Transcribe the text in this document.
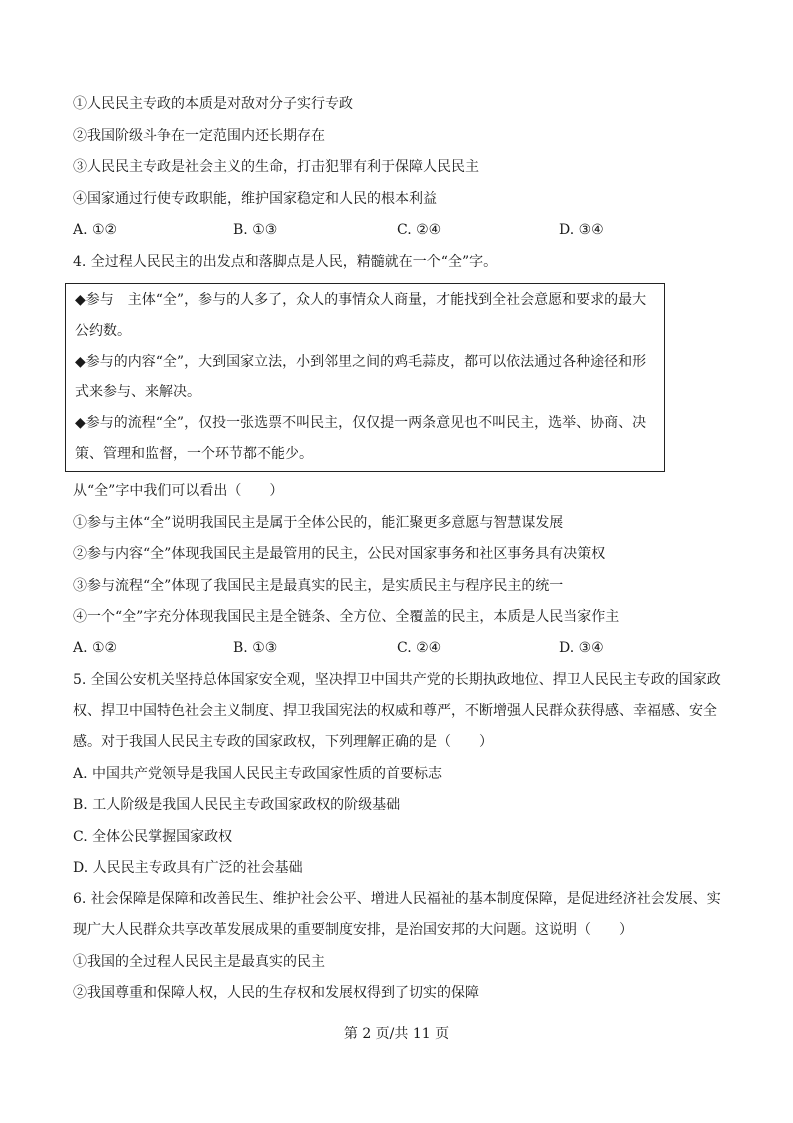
①人民民主专政的本质是对敌对分子实行专政
②我国阶级斗争在一定范围内还长期存在
③人民民主专政是社会主义的生命，打击犯罪有利于保障人民民主
④国家通过行使专政职能，维护国家稳定和人民的根本利益
A. ①②	B. ①③	C. ②④	D. ③④
4. 全过程人民民主的出发点和落脚点是人民，精髓就在一个“全”字。
◆参与　主体“全”，参与的人多了，众人的事情众人商量，才能找到全社会意愿和要求的最大
公约数。
◆参与的内容“全”，大到国家立法，小到邻里之间的鸡毛蒜皮，都可以依法通过各种途径和形
式来参与、来解决。
◆参与的流程“全”，仅投一张选票不叫民主，仅仅提一两条意见也不叫民主，选举、协商、决
策、管理和监督，一个环节都不能少。
从“全”字中我们可以看出（　　）
①参与主体“全”说明我国民主是属于全体公民的，能汇聚更多意愿与智慧谋发展
②参与内容“全”体现我国民主是最管用的民主，公民对国家事务和社区事务具有决策权
③参与流程“全”体现了我国民主是最真实的民主，是实质民主与程序民主的统一
④一个“全”字充分体现我国民主是全链条、全方位、全覆盖的民主，本质是人民当家作主
A. ①②	B. ①③	C. ②④	D. ③④
5. 全国公安机关坚持总体国家安全观，坚决捍卫中国共产党的长期执政地位、捍卫人民民主专政的国家政
权、捍卫中国特色社会主义制度、捍卫我国宪法的权威和尊严，不断增强人民群众获得感、幸福感、安全
感。对于我国人民民主专政的国家政权，下列理解正确的是（　　）
A. 中国共产党领导是我国人民民主专政国家性质的首要标志
B. 工人阶级是我国人民民主专政国家政权的阶级基础
C. 全体公民掌握国家政权
D. 人民民主专政具有广泛的社会基础
6. 社会保障是保障和改善民生、维护社会公平、增进人民福祉的基本制度保障，是促进经济社会发展、实
现广大人民群众共享改革发展成果的重要制度安排，是治国安邦的大问题。这说明（　　）
①我国的全过程人民民主是最真实的民主
②我国尊重和保障人权，人民的生存权和发展权得到了切实的保障
第 2 页/共 11 页
